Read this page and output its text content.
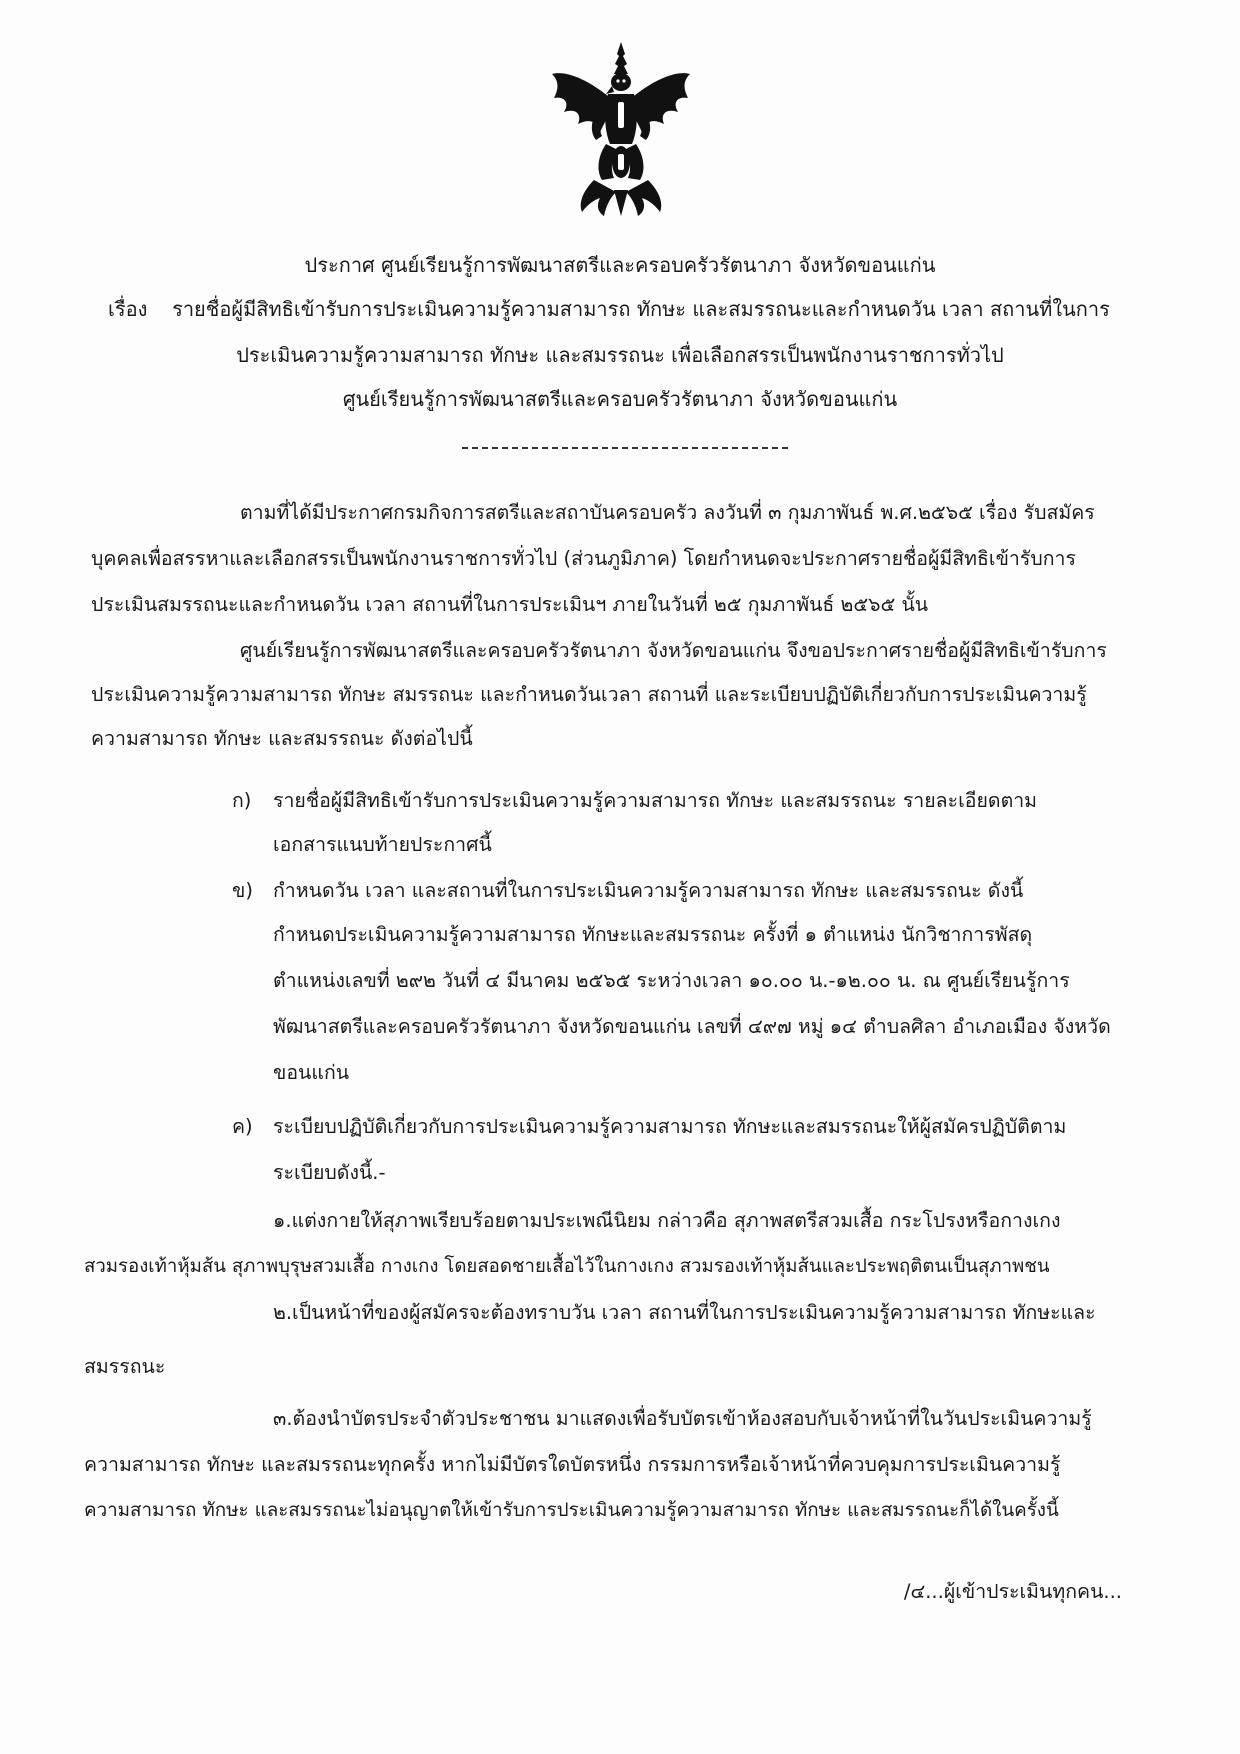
ประกาศ ศูนย์เรียนรู้การพัฒนาสตรีและครอบครัวรัตนาภา จังหวัดขอนแก่น
เรื่อง รายชื่อผู้มีสิทธิเข้ารับการประเมินความรู้ความสามารถ ทักษะ และสมรรถนะและกำหนดวัน เวลา สถานที่ในการ
ประเมินความรู้ความสามารถ ทักษะ และสมรรถนะ เพื่อเลือกสรรเป็นพนักงานราชการทั่วไป
ศูนย์เรียนรู้การพัฒนาสตรีและครอบครัวรัตนาภา จังหวัดขอนแก่น
ตามที่ได้มีประกาศกรมกิจการสตรีและสถาบันครอบครัว ลงวันที่ ๓ กุมภาพันธ์ พ.ศ.๒๕๖๕ เรื่อง รับสมัคร
บุคคลเพื่อสรรหาและเลือกสรรเป็นพนักงานราชการทั่วไป (ส่วนภูมิภาค) โดยกำหนดจะประกาศรายชื่อผู้มีสิทธิเข้ารับการ
ประเมินสมรรถนะและกำหนดวัน เวลา สถานที่ในการประเมินฯ ภายในวันที่ ๒๕ กุมภาพันธ์ ๒๕๖๕ นั้น
ศูนย์เรียนรู้การพัฒนาสตรีและครอบครัวรัตนาภา จังหวัดขอนแก่น จึงขอประกาศรายชื่อผู้มีสิทธิเข้ารับการ
ประเมินความรู้ความสามารถ ทักษะ สมรรถนะ และกำหนดวันเวลา สถานที่ และระเบียบปฏิบัติเกี่ยวกับการประเมินความรู้
ความสามารถ ทักษะ และสมรรถนะ ดังต่อไปนี้
ก) รายชื่อผู้มีสิทธิเข้ารับการประเมินความรู้ความสามารถ ทักษะ และสมรรถนะ รายละเอียดตาม
เอกสารแนบท้ายประกาศนี้
ข) กำหนดวัน เวลา และสถานที่ในการประเมินความรู้ความสามารถ ทักษะ และสมรรถนะ ดังนี้
กำหนดประเมินความรู้ความสามารถ ทักษะและสมรรถนะ ครั้งที่ ๑ ตำแหน่ง นักวิชาการพัสดุ
ตำแหน่งเลขที่ ๒๙๒ วันที่ ๔ มีนาคม ๒๕๖๕ ระหว่างเวลา ๑๐.๐๐ น.-๑๒.๐๐ น. ณ ศูนย์เรียนรู้การ
พัฒนาสตรีและครอบครัวรัตนาภา จังหวัดขอนแก่น เลขที่ ๔๙๗ หมู่ ๑๔ ตำบลศิลา อำเภอเมือง จังหวัด
ขอนแก่น
ค) ระเบียบปฏิบัติเกี่ยวกับการประเมินความรู้ความสามารถ ทักษะและสมรรถนะให้ผู้สมัครปฏิบัติตาม
ระเบียบดังนี้.-
๑.แต่งกายให้สุภาพเรียบร้อยตามประเพณีนิยม กล่าวคือ สุภาพสตรีสวมเสื้อ กระโปรงหรือกางเกง
สวมรองเท้าหุ้มส้น สุภาพบุรุษสวมเสื้อ กางเกง โดยสอดชายเสื้อไว้ในกางเกง สวมรองเท้าหุ้มส้นและประพฤติตนเป็นสุภาพชน
๒.เป็นหน้าที่ของผู้สมัครจะต้องทราบวัน เวลา สถานที่ในการประเมินความรู้ความสามารถ ทักษะและ
สมรรถนะ
๓.ต้องนำบัตรประจำตัวประชาชน มาแสดงเพื่อรับบัตรเข้าห้องสอบกับเจ้าหน้าที่ในวันประเมินความรู้
ความสามารถ ทักษะ และสมรรถนะทุกครั้ง หากไม่มีบัตรใดบัตรหนึ่ง กรรมการหรือเจ้าหน้าที่ควบคุมการประเมินความรู้
ความสามารถ ทักษะ และสมรรถนะไม่อนุญาตให้เข้ารับการประเมินความรู้ความสามารถ ทักษะ และสมรรถนะก็ได้ในครั้งนี้
/๔...ผู้เข้าประเมินทุกคน...
